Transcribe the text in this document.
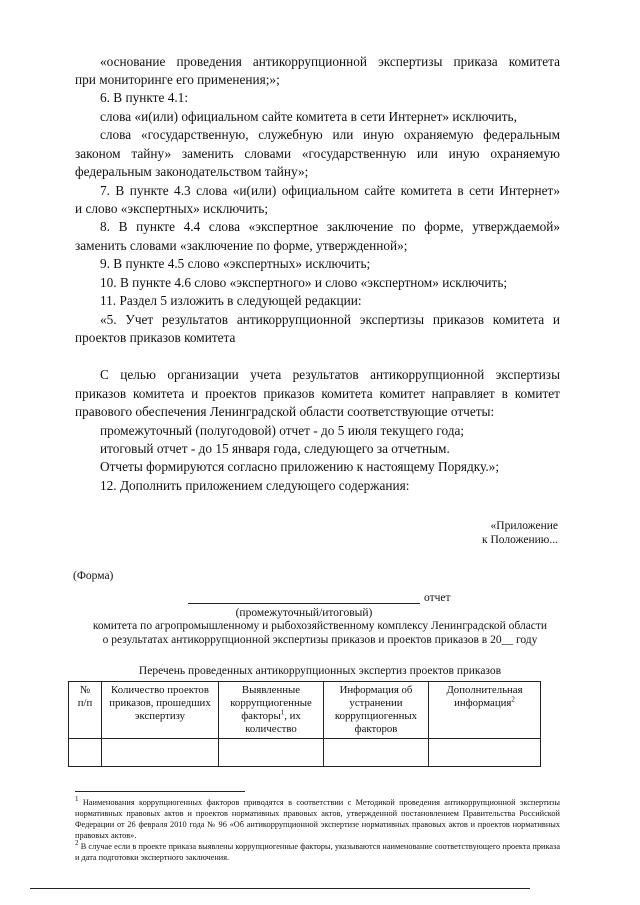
«основание проведения антикоррупционной экспертизы приказа комитета
при мониторинге его применения;»;
6. В пункте 4.1:
слова «и(или) официальном сайте комитета в сети Интернет» исключить,
слова «государственную, служебную или иную охраняемую федеральным
законом тайну» заменить словами «государственную или иную охраняемую
федеральным законодательством тайну»;
7. В пункте 4.3 слова «и(или) официальном сайте комитета в сети Интернет»
и слово «экспертных» исключить;
8. В пункте 4.4 слова «экспертное заключение по форме, утверждаемой»
заменить словами «заключение по форме, утвержденной»;
9. В пункте 4.5 слово «экспертных» исключить;
10. В пункте 4.6 слово «экспертного» и слово «экспертном» исключить;
11. Раздел 5 изложить в следующей редакции:
«5. Учет результатов антикоррупционной экспертизы приказов комитета и
проектов приказов комитета
С целью организации учета результатов антикоррупционной экспертизы
приказов комитета и проектов приказов комитета комитет направляет в комитет
правового обеспечения Ленинградской области соответствующие отчеты:
промежуточный (полугодовой) отчет - до 5 июля текущего года;
итоговый отчет - до 15 января года, следующего за отчетным.
Отчеты формируются согласно приложению к настоящему Порядку.»;
12. Дополнить приложением следующего содержания:
«Приложение
к Положению...
(Форма)
отчет
(промежуточный/итоговый)
комитета по агропромышленному и рыбохозяйственному комплексу Ленинградской области
о результатах антикоррупционной экспертизы приказов и проектов приказов в 20__ году
Перечень проведенных антикоррупционных экспертиз проектов приказов
№
п/п	Количество проектов
приказов, прошедших
экспертизу	Выявленные
коррупциогенные
факторы$^1$, их
количество	Информация об
устранении
коррупциогенных
факторов	Дополнительная
информация$^2$

$^1$ Наименования коррупциогенных факторов приводятся в соответствии с Методикой проведения антикоррупционной экспертизы нормативных правовых актов и проектов нормативных правовых актов, утвержденной постановлением Правительства Российской Федерации от 26 февраля 2010 года № 96 «Об антикоррупционной экспертизе нормативных правовых актов и проектов нормативных правовых актов».
$^2$ В случае если в проекте приказа выявлены коррупциогенные факторы, указываются наименование соответствующего проекта приказа и дата подготовки экспертного заключения.
